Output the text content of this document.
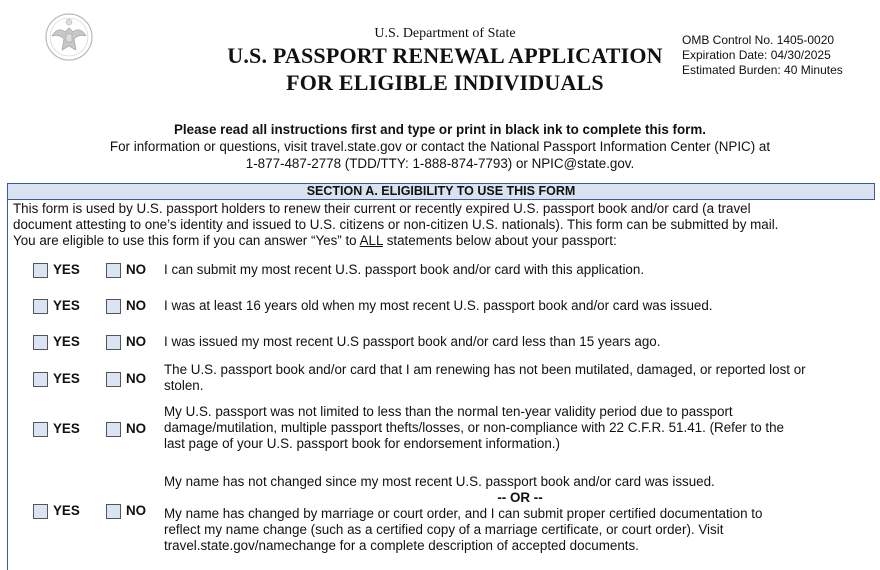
U.S. Department of State
U.S. PASSPORT RENEWAL APPLICATION
FOR ELIGIBLE INDIVIDUALS
OMB Control No. 1405-0020
Expiration Date: 04/30/2025
Estimated Burden: 40 Minutes
Please read all instructions first and type or print in black ink to complete this form.
For information or questions, visit travel.state.gov or contact the National Passport Information Center (NPIC) at
1-877-487-2778 (TDD/TTY: 1-888-874-7793) or NPIC@state.gov.
SECTION A. ELIGIBILITY TO USE THIS FORM
This form is used by U.S. passport holders to renew their current or recently expired U.S. passport book and/or card (a travel
document attesting to one’s identity and issued to U.S. citizens or non-citizen U.S. nationals). This form can be submitted by mail.
You are eligible to use this form if you can answer “Yes” to ALL statements below about your passport:
YES	NO I can submit my most recent U.S. passport book and/or card with this application.
YES	NO I was at least 16 years old when my most recent U.S. passport book and/or card was issued.
YES	NO I was issued my most recent U.S passport book and/or card less than 15 years ago.
YES	NO
The U.S. passport book and/or card that I am renewing has not been mutilated, damaged, or reported lost or
stolen.
YES	NO
My U.S. passport was not limited to less than the normal ten-year validity period due to passport
damage/mutilation, multiple passport thefts/losses, or non-compliance with 22 C.F.R. 51.41. (Refer to the
last page of your U.S. passport book for endorsement information.)
YES	NO
My name has not changed since my most recent U.S. passport book and/or card was issued.
-- OR --
My name has changed by marriage or court order, and I can submit proper certified documentation to
reflect my name change (such as a certified copy of a marriage certificate, or court order). Visit
travel.state.gov/namechange for a complete description of accepted documents.
